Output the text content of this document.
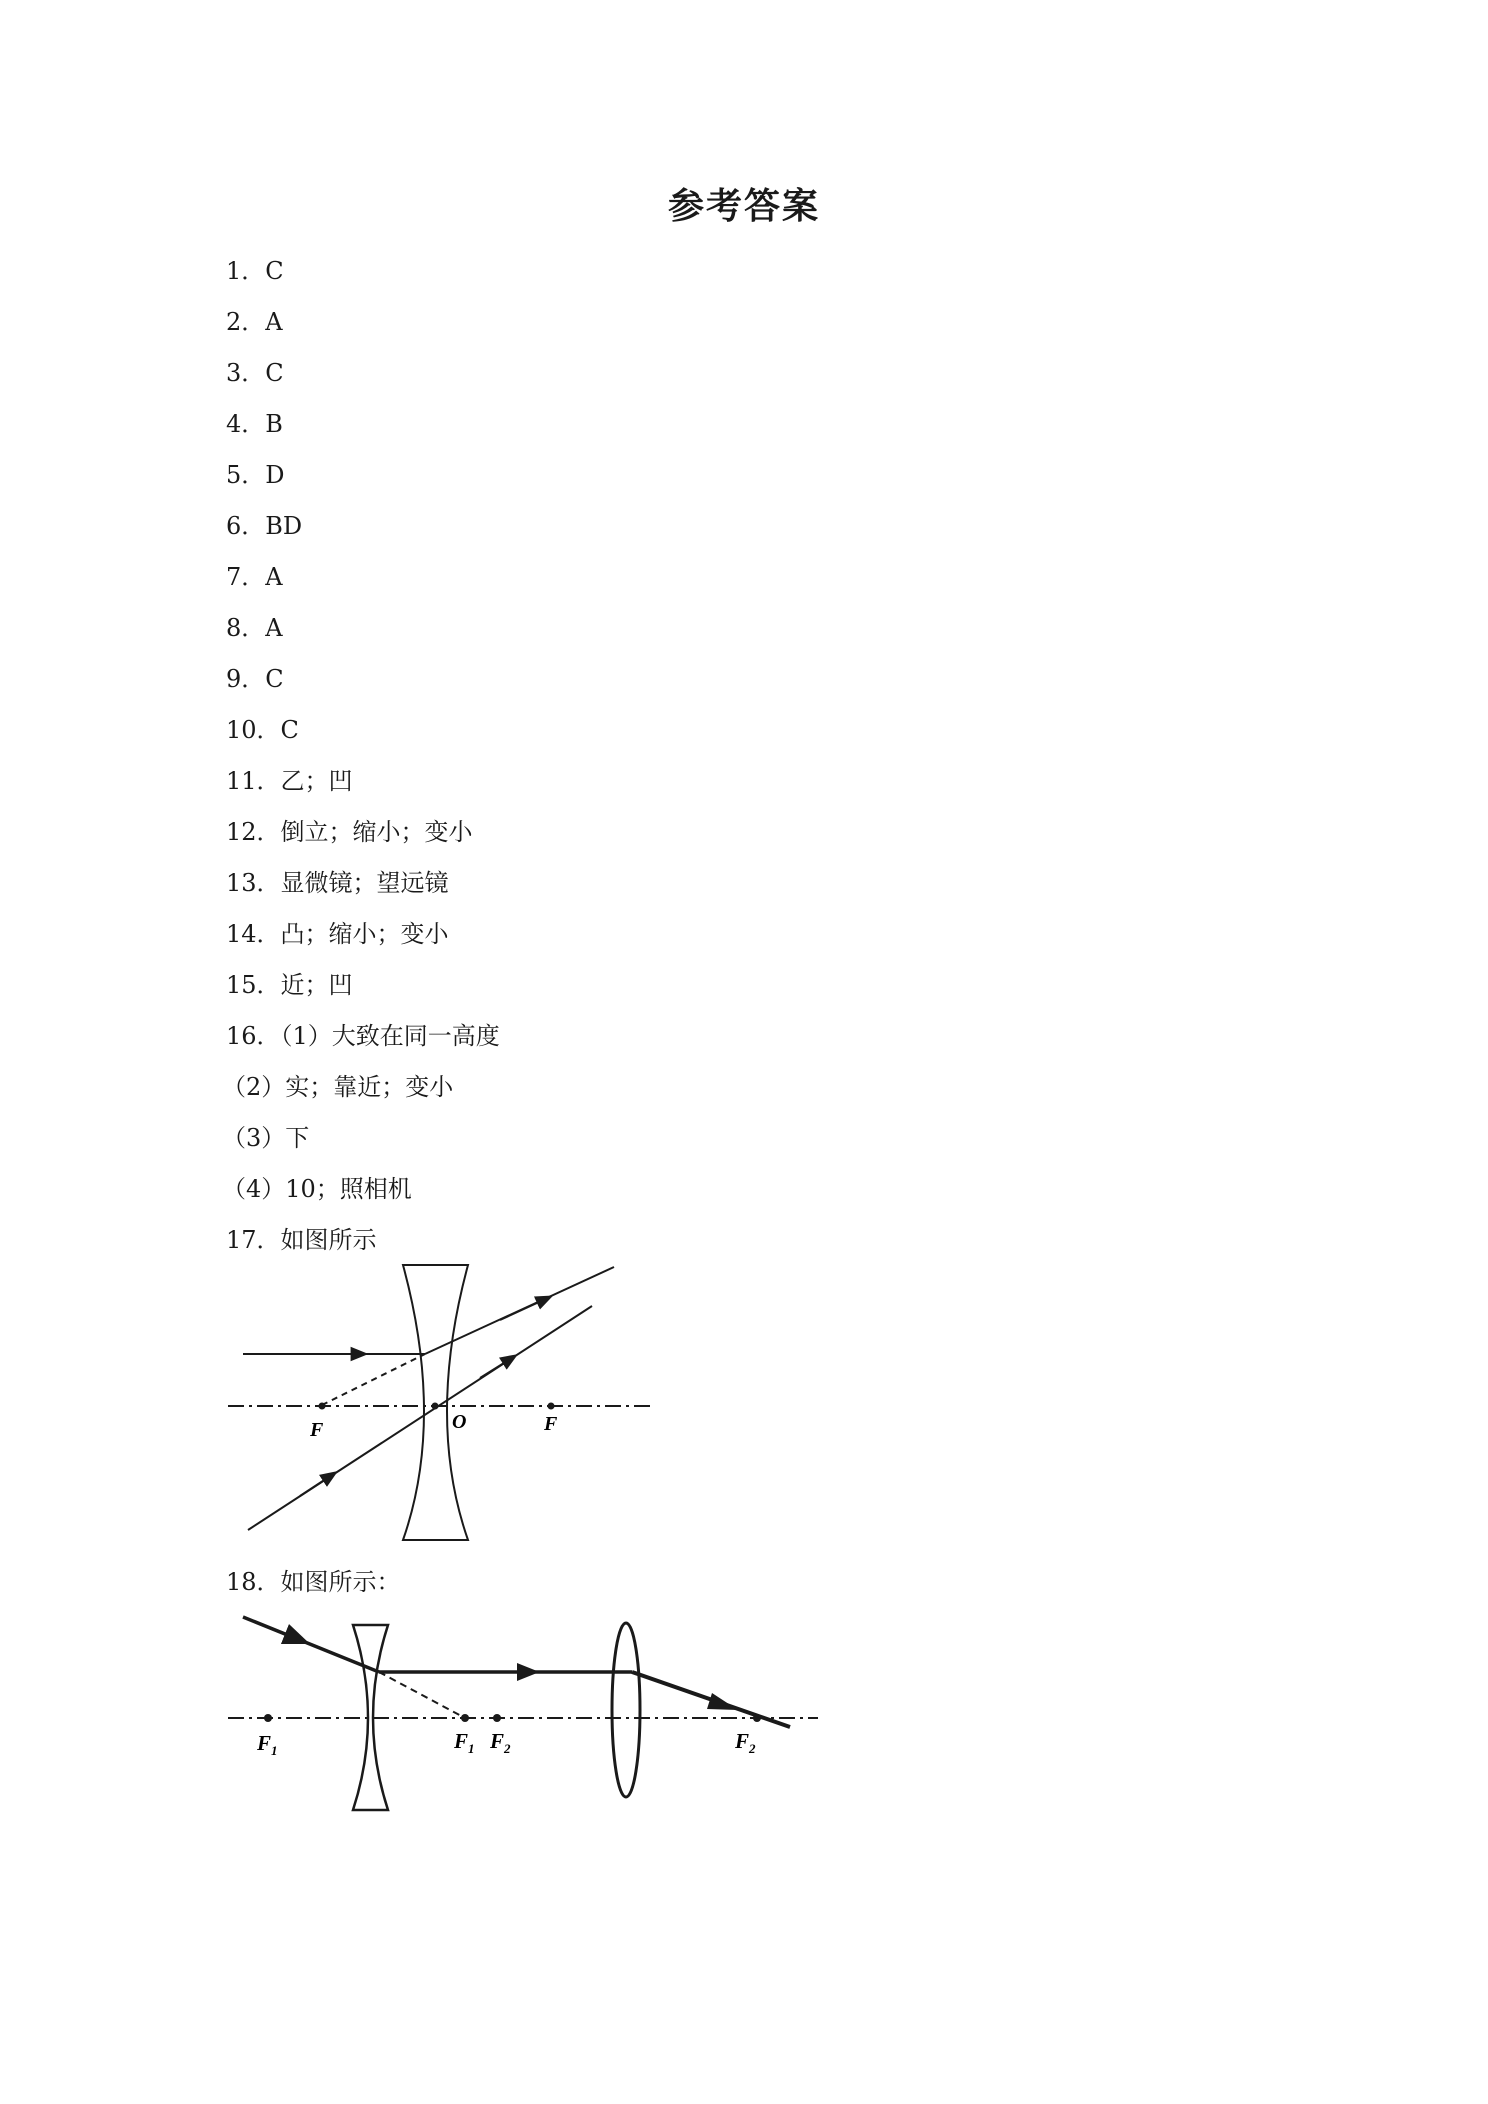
参考答案
1．C
2．A
3．C
4．B
5．D
6．BD
7．A
8．A
9．C
10．C
11．乙；凹
12．倒立；缩小；变小
13．显微镜；望远镜
14．凸；缩小；变小
15．近；凹
16．（1）大致在同一高度
（2）实；靠近；变小
（3）下
（4）10；照相机
17．如图所示
F	O	F
$F_1$	$F_1$ $F_2$	$F_2$
18．如图所示：
